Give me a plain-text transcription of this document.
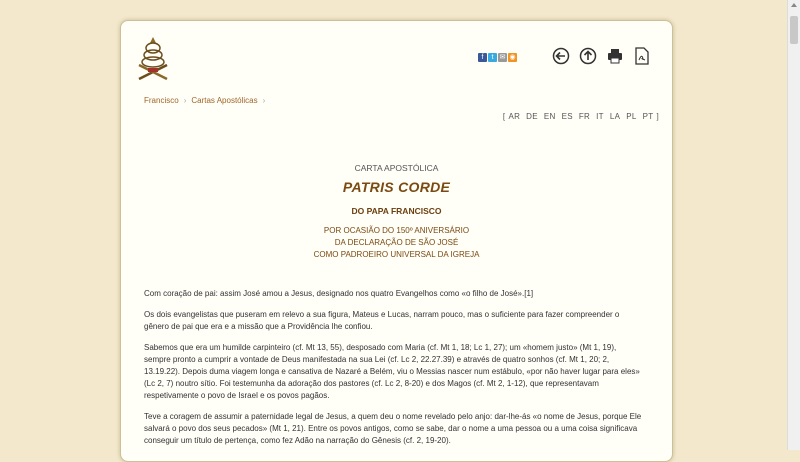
f	t ✉ ◉
Francisco › Cartas Apostólicas ›
[ AR DE EN ES FR IT LA PL PT ]
CARTA APOSTÓLICA
PATRIS CORDE
DO PAPA FRANCISCO
POR OCASIÃO DO 150º ANIVERSÁRIO
DA DECLARAÇÃO DE SÃO JOSÉ
COMO PADROEIRO UNIVERSAL DA IGREJA

Com coração de pai: assim José amou a Jesus, designado nos quatro Evangelhos como «o filho de José».[1]

Os dois evangelistas que puseram em relevo a sua figura, Mateus e Lucas, narram pouco, mas o suficiente para fazer compreender o gênero de pai que era e a missão que a Providência lhe confiou.

Sabemos que era um humilde carpinteiro (cf. Mt 13, 55), desposado com Maria (cf. Mt 1, 18; Lc 1, 27); um «homem justo» (Mt 1, 19), sempre pronto a cumprir a vontade de Deus manifestada na sua Lei (cf. Lc 2, 22.27.39) e através de quatro sonhos (cf. Mt 1, 20; 2, 13.19.22). Depois duma viagem longa e cansativa de Nazaré a Belém, viu o Messias nascer num estábulo, «por não haver lugar para eles» (Lc 2, 7) noutro sítio. Foi testemunha da adoração dos pastores (cf. Lc 2, 8-20) e dos Magos (cf. Mt 2, 1-12), que representavam respetivamente o povo de Israel e os povos pagãos.

Teve a coragem de assumir a paternidade legal de Jesus, a quem deu o nome revelado pelo anjo: dar-lhe-ás «o nome de Jesus, porque Ele salvará o povo dos seus pecados» (Mt 1, 21). Entre os povos antigos, como se sabe, dar o nome a uma pessoa ou a uma coisa significava conseguir um título de pertença, como fez Adão na narração do Gênesis (cf. 2, 19-20).
